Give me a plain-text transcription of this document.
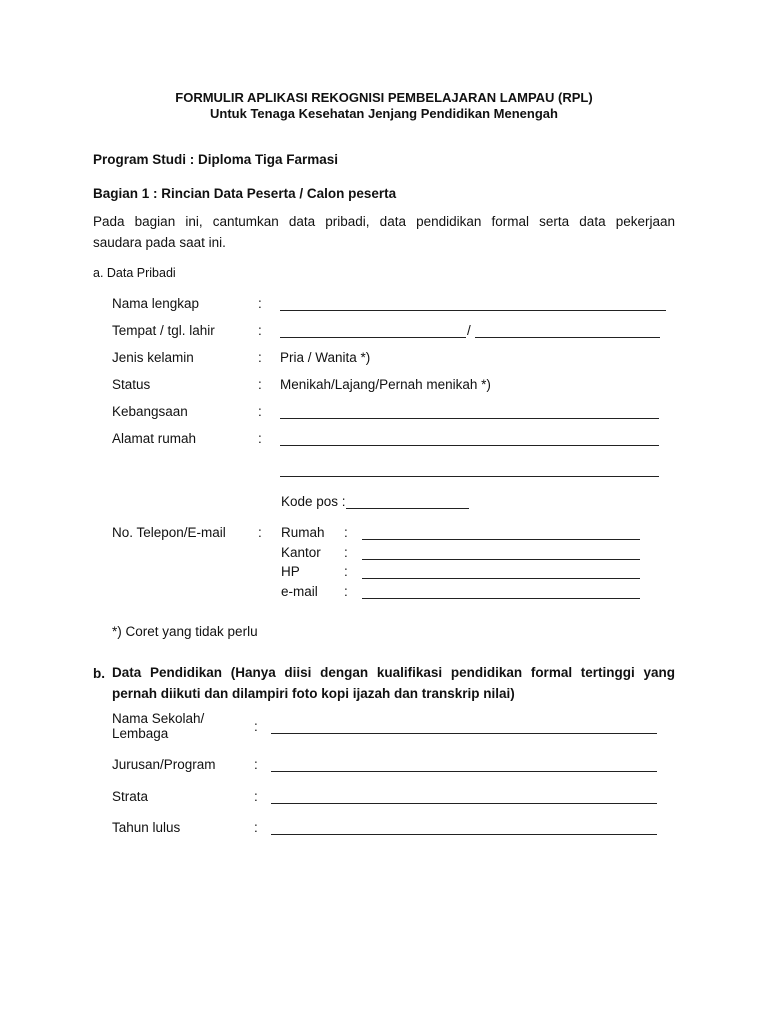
FORMULIR APLIKASI REKOGNISI PEMBELAJARAN LAMPAU (RPL)
Untuk Tenaga Kesehatan Jenjang Pendidikan Menengah
Program Studi : Diploma Tiga Farmasi
Bagian 1 : Rincian Data Peserta / Calon peserta
Pada bagian ini, cantumkan data pribadi, data pendidikan formal serta data pekerjaan
saudara pada saat ini.
a. Data Pribadi
Nama lengkap	:
Tempat / tgl. lahir	:	/
Jenis kelamin	: Pria / Wanita *)
Status	: Menikah/Lajang/Pernah menikah *)
Kebangsaan	:
Alamat rumah	:
Kode pos :
No. Telepon/E-mail : Rumah :
Kantor :
HP	:
e-mail :
*) Coret yang tidak perlu
b. Data Pendidikan (Hanya diisi dengan kualifikasi pendidikan formal tertinggi yang
pernah diikuti dan dilampiri foto kopi ijazah dan transkrip nilai)
Nama Sekolah/
Lembaga	:
Jurusan/Program	:
Strata	:
Tahun lulus	:
